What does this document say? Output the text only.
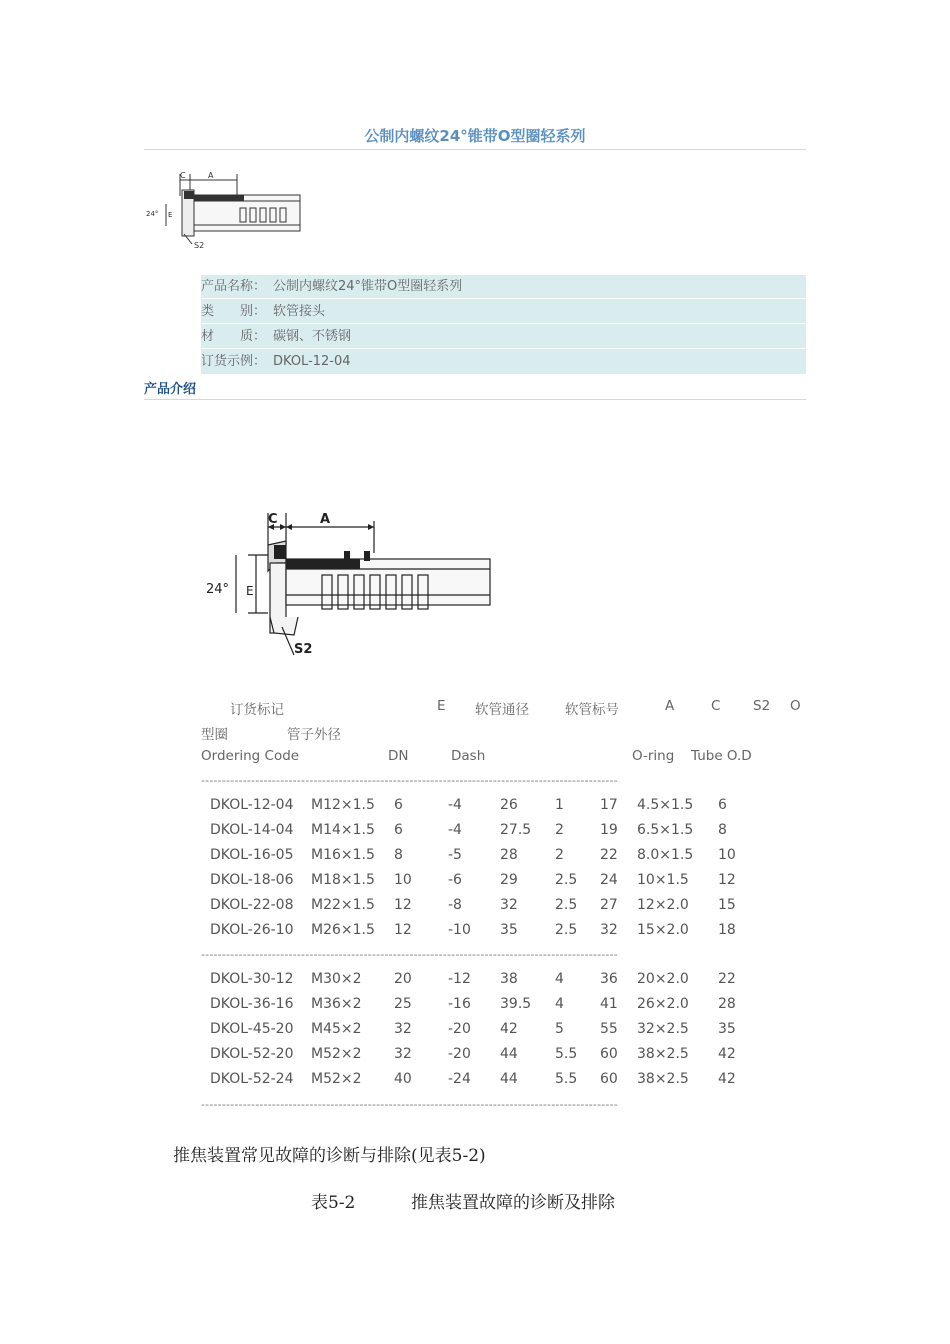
公制内螺纹24°锥带O型圈轻系列
C	A
24° E
S2
产品名称： 公制内螺纹24°锥带O型圈轻系列
类　　别： 软管接头
材　　质： 碳钢、不锈钢
订货示例： DKOL-12-04
产品介绍
C	A
24° E
S2
订货标记	E 软管通径	软管标号	A	C S2 O
型圈	管子外径
Ordering Code	DN	Dash	O-ring Tube O.D
----------------------------------------------------------------------------------------------------
DKOL-12-04 M12×1.5 6	-4	26	1	17 4.5×1.5 6
DKOL-14-04 M14×1.5 6	-4	27.5 2	19 6.5×1.5 8
DKOL-16-05 M16×1.5 8	-5	28	2	22 8.0×1.5 10
DKOL-18-06 M18×1.5 10	-6	29	2.5 24 10×1.5 12
DKOL-22-08 M22×1.5 12	-8	32	2.5 27 12×2.0 15
DKOL-26-10 M26×1.5 12	-10 35	2.5 32 15×2.0 18
----------------------------------------------------------------------------------------------------
DKOL-30-12 M30×2 20	-12 38	4	36 20×2.0 22
DKOL-36-16 M36×2 25	-16 39.5 4	41 26×2.0 28
DKOL-45-20 M45×2 32	-20 42	5	55 32×2.5 35
DKOL-52-20 M52×2 32	-20 44	5.5 60 38×2.5 42
DKOL-52-24 M52×2 40	-24 44	5.5 60 38×2.5 42
----------------------------------------------------------------------------------------------------
推焦装置常见故障的诊断与排除(见表5-2)
表5-2	推焦装置故障的诊断及排除
